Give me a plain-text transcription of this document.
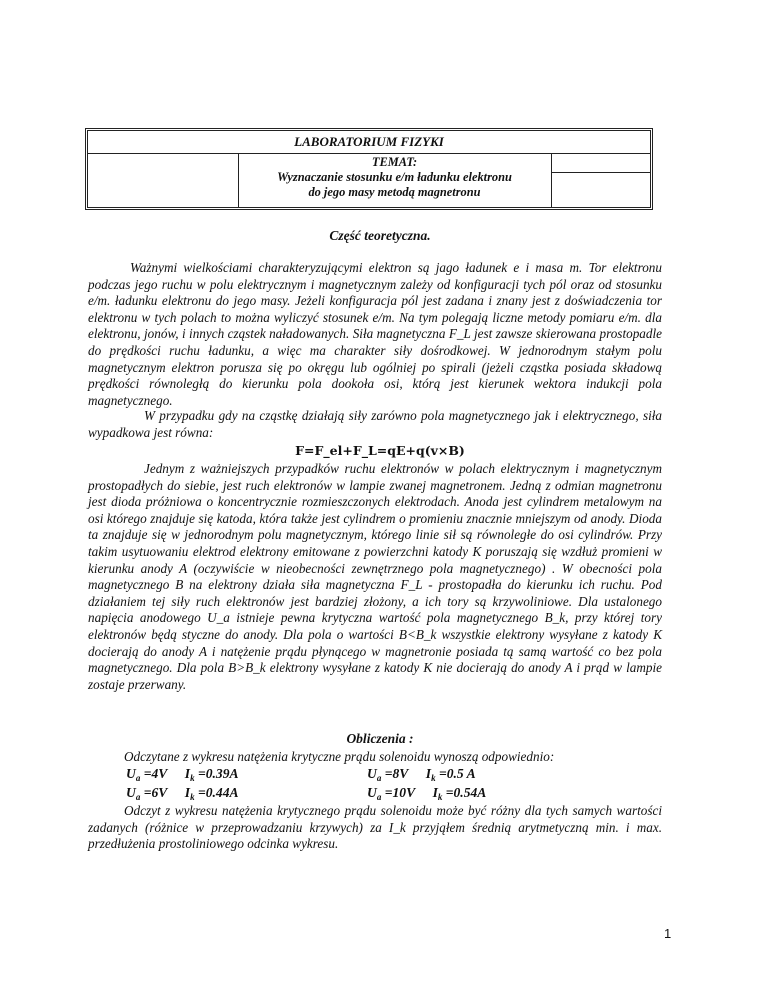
LABORATORIUM FIZYKI
TEMAT:
Wyznaczanie stosunku e/m ładunku elektronu
do jego masy metodą magnetronu
Część teoretyczna.
Ważnymi wielkościami charakteryzującymi elektron są jago ładunek e i masa m. Tor elektronu podczas jego ruchu w polu elektrycznym i magnetycznym zależy od konfiguracji tych pól oraz od stosunku e/m. ładunku elektronu do jego masy. Jeżeli konfiguracja pól jest zadana i znany jest z doświadczenia tor elektronu w tych polach to można wyliczyć stosunek e/m. Na tym polegają liczne metody pomiaru e/m. dla elektronu, jonów, i innych cząstek naładowanych. Siła magnetyczna F_L jest zawsze skierowana prostopadle do prędkości ruchu ładunku, a więc ma charakter siły dośrodkowej. W jednorodnym stałym polu magnetycznym elektron porusza się po okręgu lub ogólniej po spirali (jeżeli cząstka posiada składową prędkości równoległą do kierunku pola dookoła osi, którą jest kierunek wektora indukcji pola magnetycznego.
W przypadku gdy na cząstkę działają siły zarówno pola magnetycznego jak i elektrycznego, siła wypadkowa jest równa:
F=F_el+F_L=qE+q(v×B)
Jednym z ważniejszych przypadków ruchu elektronów w polach elektrycznym i magnetycznym prostopadłych do siebie, jest ruch elektronów w lampie zwanej magnetronem. Jedną z odmian magnetronu jest dioda próżniowa o koncentrycznie rozmieszczonych elektrodach. Anoda jest cylindrem metalowym na osi którego znajduje się katoda, która także jest cylindrem o promieniu znacznie mniejszym od anody. Dioda ta znajduje się w jednorodnym polu magnetycznym, którego linie sił są równoległe do osi cylindrów. Przy takim usytuowaniu elektrod elektrony emitowane z powierzchni katody K poruszają się wzdłuż promieni w kierunku anody A (oczywiście w nieobecności zewnętrznego pola magnetycznego) . W obecności pola magnetycznego B na elektrony działa siła magnetyczna F_L - prostopadła do kierunku ich ruchu. Pod działaniem tej siły ruch elektronów jest bardziej złożony, a ich tory są krzywoliniowe. Dla ustalonego napięcia anodowego U_a istnieje pewna krytyczna wartość pola magnetycznego B_k, przy której tory elektronów będą styczne do anody. Dla pola o wartości B<B_k wszystkie elektrony wysyłane z katody K docierają do anody A i natężenie prądu płynącego w magnetronie posiada tą samą wartość co bez pola magnetycznego. Dla pola B>B_k elektrony wysyłane z katody K nie docierają do anody A i prąd w lampie zostaje przerwany.
Obliczenia :
Odczytane z wykresu natężenia krytyczne prądu solenoidu wynoszą odpowiednio:
$U_a =4V$ $I_k =0.39A$	$U_a =8V$ $I_k =0.5$ A
$U_a =6V$ $I_k =0.44A$	$U_a =10V$ $I_k =0.54A$
Odczyt z wykresu natężenia krytycznego prądu solenoidu może być różny dla tych samych wartości zadanych (różnice w przeprowadzaniu krzywych) za I_k przyjąłem średnią arytmetyczną min. i max. przedłużenia prostoliniowego odcinka wykresu.
1
